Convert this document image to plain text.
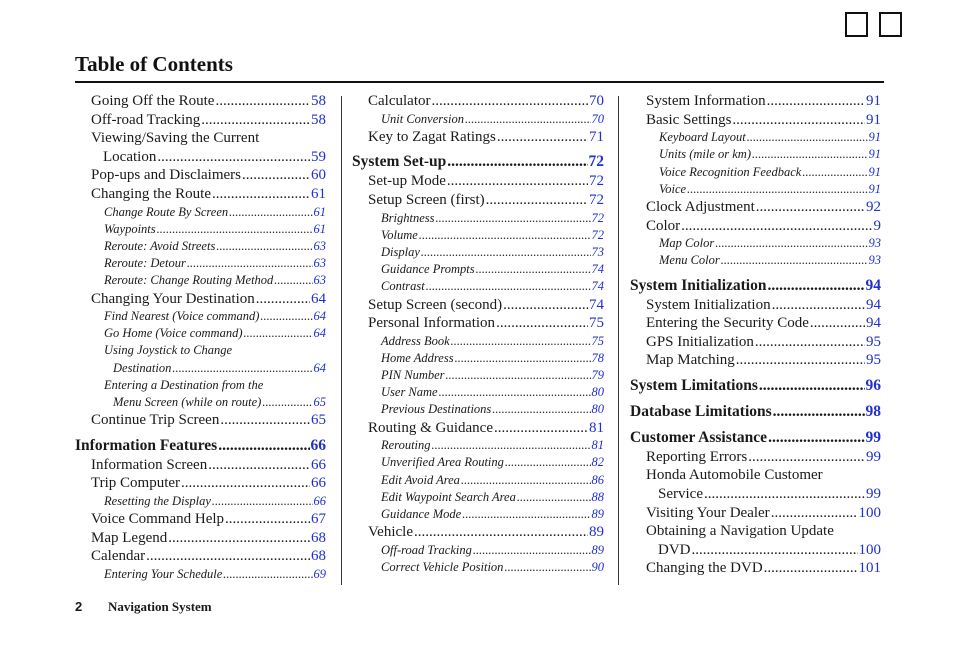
Table of Contents
Going Off the Route .....	58
Off-road Tracking .....	58
Viewing/Saving the Current
Location .....	59
Pop-ups and Disclaimers .....	60
Changing the Route .....	61
Change Route By Screen .....	61
Waypoints .....	61
Reroute: Avoid Streets .....	63
Reroute: Detour .....	63
Reroute: Change Routing Method .....	63
Changing Your Destination .....	64
Find Nearest (Voice command) .....	64
Go Home (Voice command) .....	64
Using Joystick to Change
Destination .....	64
Entering a Destination from the
Menu Screen (while on route) .....	65
Continue Trip Screen .....	65
Information Features .....	66
Information Screen .....	66
Trip Computer .....	66
Resetting the Display .....	66
Voice Command Help .....	67
Map Legend .....	68
Calendar .....	68
Entering Your Schedule .....	69
Calculator .....	70
Unit Conversion .....	70
Key to Zagat Ratings .....	71
System Set-up .....	72
Set-up Mode .....	72
Setup Screen (first) .....	72
Brightness .....	72
Volume .....	72
Display .....	73
Guidance Prompts .....	74
Contrast .....	74
Setup Screen (second) .....	74
Personal Information .....	75
Address Book .....	75
Home Address .....	78
PIN Number .....	79
User Name .....	80
Previous Destinations .....	80
Routing & Guidance .....	81
Rerouting .....	81
Unverified Area Routing .....	82
Edit Avoid Area .....	86
Edit Waypoint Search Area .....	88
Guidance Mode .....	89
Vehicle .....	89
Off-road Tracking .....	89
Correct Vehicle Position .....	90
System Information .....	91
Basic Settings .....	91
Keyboard Layout .....	91
Units (mile or km) .....	91
Voice Recognition Feedback .....	91
Voice .....	91
Clock Adjustment .....	92
Color .....	9
Map Color .....	93
Menu Color .....	93
System Initialization .....	94
System Initialization .....	94
Entering the Security Code .....	94
GPS Initialization .....	95
Map Matching .....	95
System Limitations .....	96
Database Limitations .....	98
Customer Assistance .....	99
Reporting Errors .....	99
Honda Automobile Customer
Service .....	99
Visiting Your Dealer .....	100
Obtaining a Navigation Update
DVD .....	100
Changing the DVD .....	101
2 Navigation System
